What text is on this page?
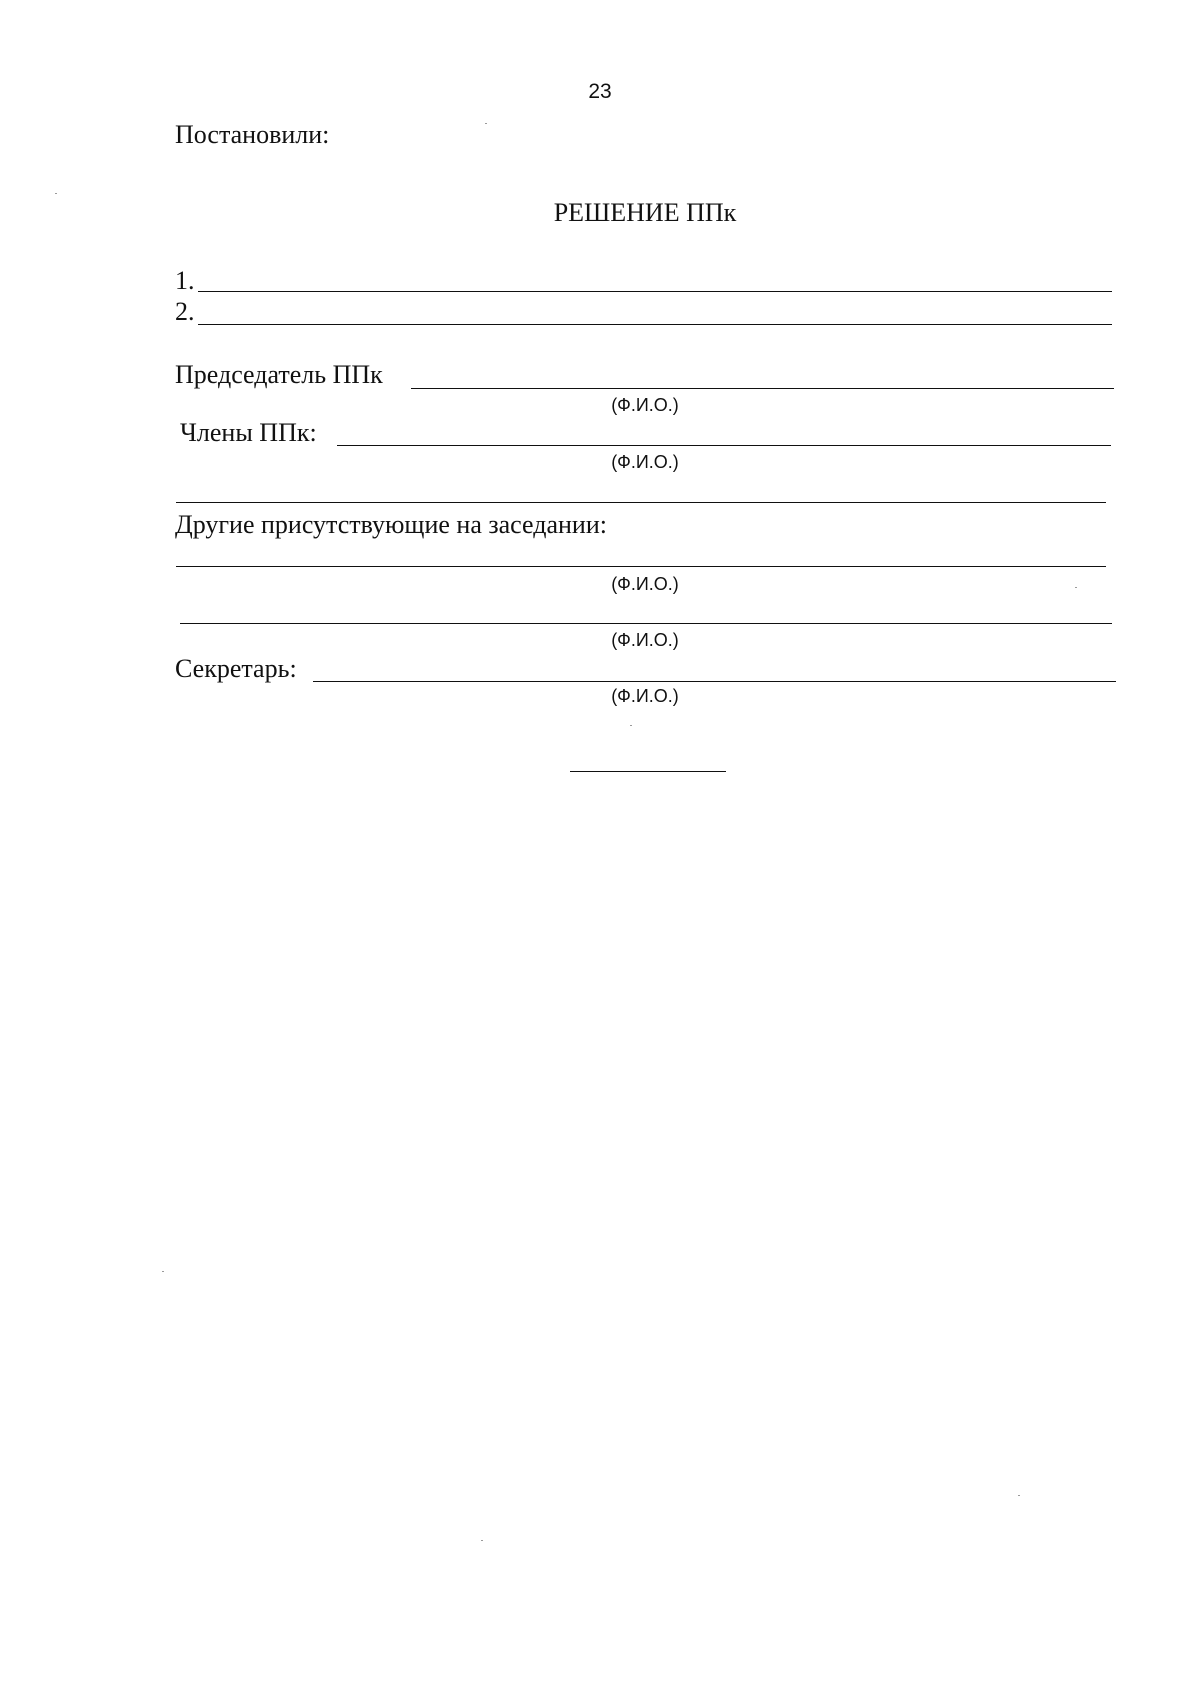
23
Постановили:
РЕШЕНИЕ ППк
1.
2.
Председатель ППк
(Ф.И.О.)
Члены ППк:
(Ф.И.О.)
Другие присутствующие на заседании:
(Ф.И.О.)
(Ф.И.О.)
Секретарь:
(Ф.И.О.)
